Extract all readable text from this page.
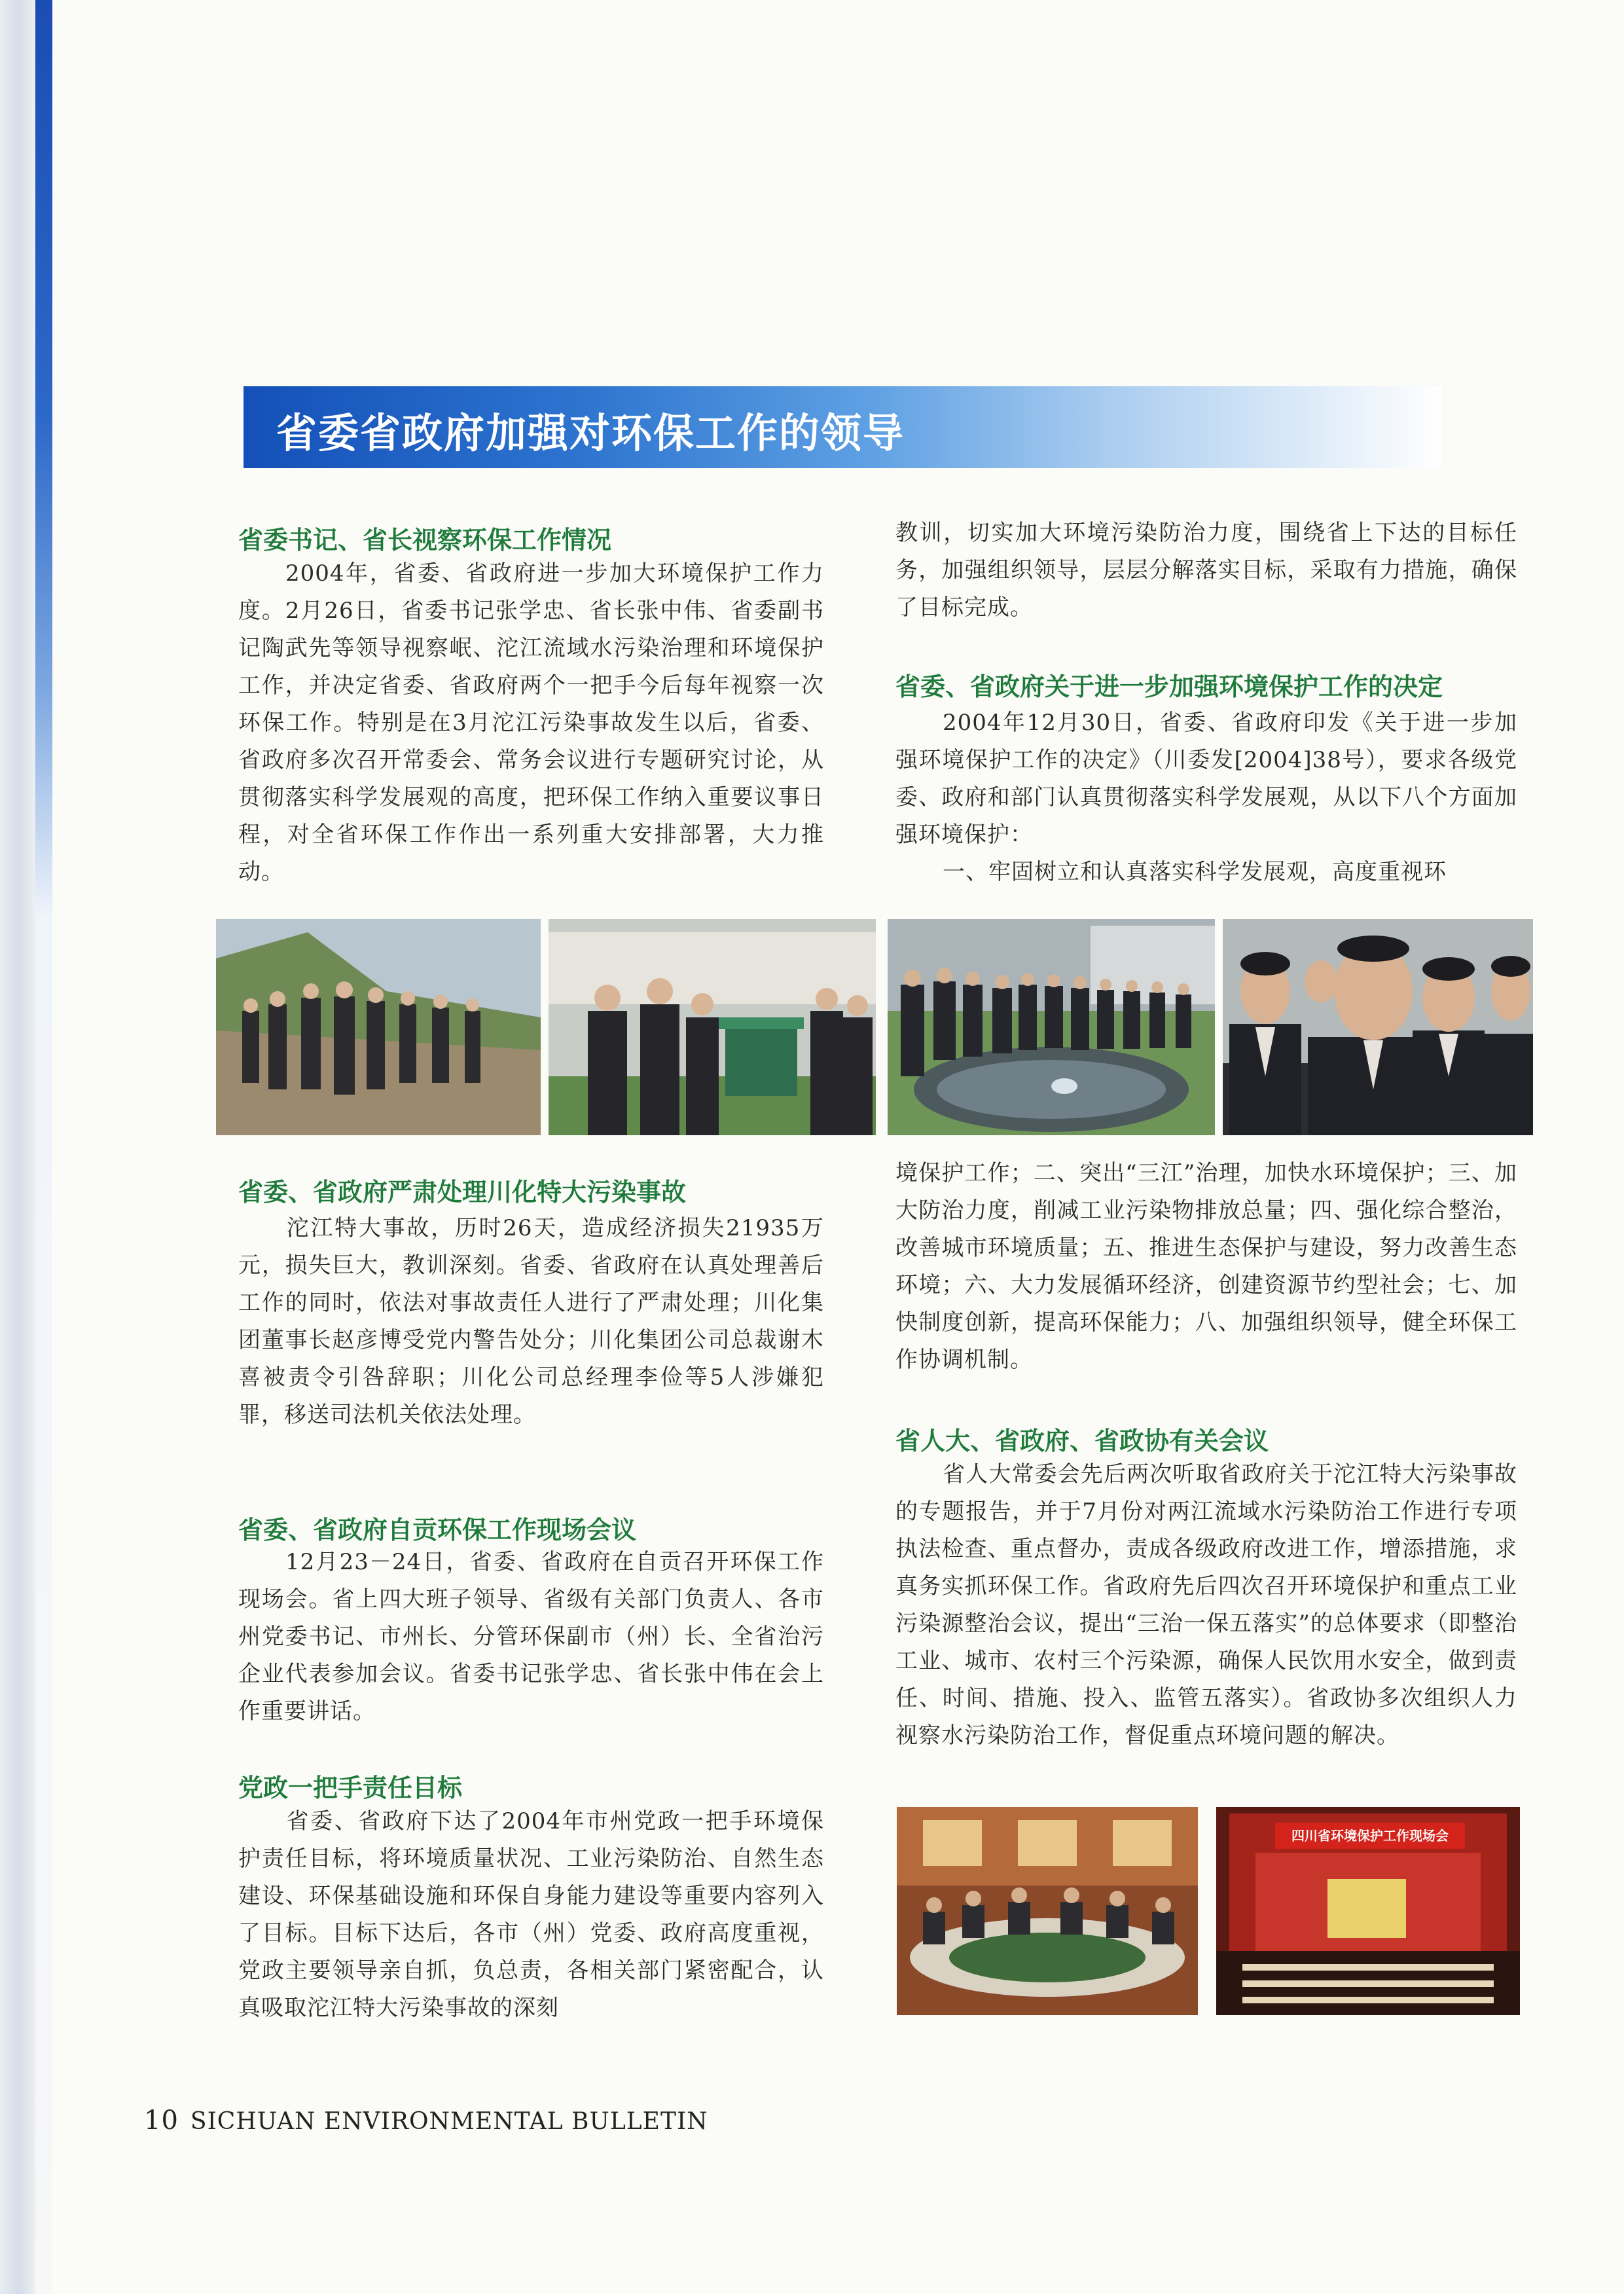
省委省政府加强对环保工作的领导
省委书记、省长视察环保工作情况

2004年，省委、省政府进一步加大环境保护工作力度。2月26日，省委书记张学忠、省长张中伟、省委副书记陶武先等领导视察岷、沱江流域水污染治理和环境保护工作，并决定省委、省政府两个一把手今后每年视察一次环保工作。特别是在3月沱江污染事故发生以后，省委、省政府多次召开常委会、常务会议进行专题研究讨论，从贯彻落实科学发展观的高度，把环保工作纳入重要议事日程，对全省环保工作作出一系列重大安排部署，大力推动。

省委、省政府严肃处理川化特大污染事故

沱江特大事故，历时26天，造成经济损失21935万元，损失巨大，教训深刻。省委、省政府在认真处理善后工作的同时，依法对事故责任人进行了严肃处理；川化集团董事长赵彦博受党内警告处分；川化集团公司总裁谢木喜被责令引咎辞职；川化公司总经理李俭等5人涉嫌犯罪，移送司法机关依法处理。

省委、省政府自贡环保工作现场会议

12月23－24日，省委、省政府在自贡召开环保工作现场会。省上四大班子领导、省级有关部门负责人、各市州党委书记、市州长、分管环保副市（州）长、全省治污企业代表参加会议。省委书记张学忠、省长张中伟在会上作重要讲话。

党政一把手责任目标

省委、省政府下达了2004年市州党政一把手环境保护责任目标，将环境质量状况、工业污染防治、自然生态建设、环保基础设施和环保自身能力建设等重要内容列入了目标。目标下达后，各市（州）党委、政府高度重视，党政主要领导亲自抓，负总责，各相关部门紧密配合，认真吸取沱江特大污染事故的深刻

教训，切实加大环境污染防治力度，围绕省上下达的目标任务，加强组织领导，层层分解落实目标，采取有力措施，确保了目标完成。

省委、省政府关于进一步加强环境保护工作的决定

2004年12月30日，省委、省政府印发《关于进一步加强环境保护工作的决定》（川委发[2004]38号），要求各级党委、政府和部门认真贯彻落实科学发展观，从以下八个方面加强环境保护：
一、牢固树立和认真落实科学发展观，高度重视环

境保护工作；二、突出“三江”治理，加快水环境保护；三、加大防治力度，削减工业污染物排放总量；四、强化综合整治，改善城市环境质量；五、推进生态保护与建设，努力改善生态环境；六、大力发展循环经济，创建资源节约型社会；七、加快制度创新，提高环保能力；八、加强组织领导，健全环保工作协调机制。

省人大、省政府、省政协有关会议

省人大常委会先后两次听取省政府关于沱江特大污染事故的专题报告，并于7月份对两江流域水污染防治工作进行专项执法检查、重点督办，责成各级政府改进工作，增添措施，求真务实抓环保工作。省政府先后四次召开环境保护和重点工业污染源整治会议，提出“三治一保五落实”的总体要求（即整治工业、城市、农村三个污染源，确保人民饮用水安全，做到责任、时间、措施、投入、监管五落实）。省政协多次组织人力视察水污染防治工作，督促重点环境问题的解决。

四川省环境保护工作现场会
10 SICHUAN ENVIRONMENTAL BULLETIN
